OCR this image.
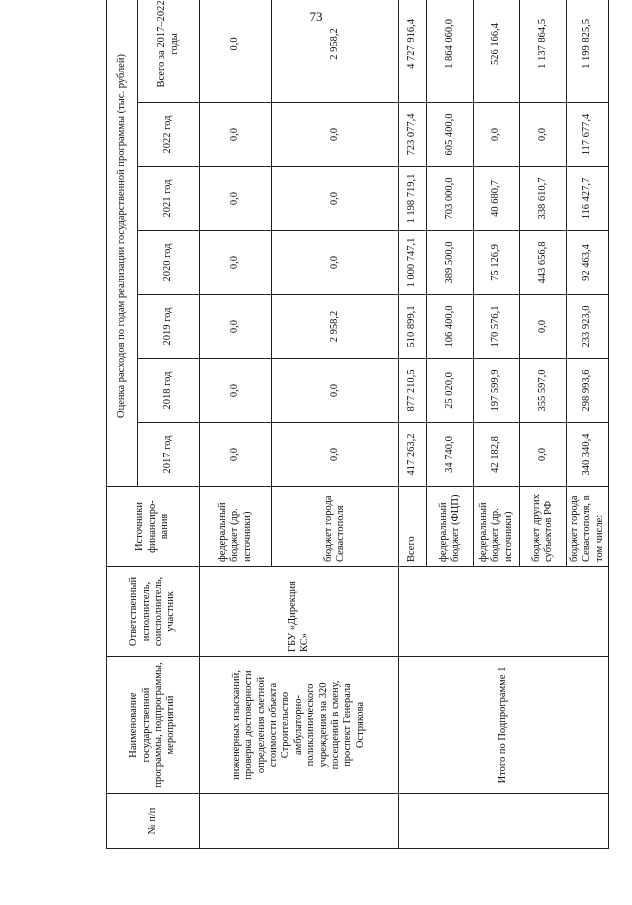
73
№ п/п	Наименование государственной программы, подпрограммы, мероприятий	Ответственный исполнитель, соисполнитель, участник	Источники финансиро-вания	Оценка расходов по годам реализации государственной программы (тыс. рублей)						
				2017 год	2018 год	2019 год	2020 год	2021 год	2022 год	Всего за 2017–2022 годы
	инженерных изысканий, проверка достоверности определения сметной стоимости объекта Строительство амбулаторно-поликлинического учреждения на 320 посещений в смену, проспект Генерала Острякова	ГБУ «Дирекция КС»	федеральный бюджет (др. источники)	0,0	0,0	0,0	0,0	0,0	0,0	0,0
			бюджет города Севастополя	0,0	0,0	2 958,2	0,0	0,0	0,0	2 958,2
	Итого по Подпрограмме 1		Всего	417 263,2	877 210,5	510 899,1	1 000 747,1	1 198 719,1	723 077,4	4 727 916,4
			федеральный бюджет (ФЦП)	34 740,0	25 020,0	106 400,0	389 500,0	703 000,0	605 400,0	1 864 060,0
			федеральный бюджет (др. источники)	42 182,8	197 599,9	170 576,1	75 126,9	40 680,7	0,0	526 166,4
			бюджет других субъектов РФ	0,0	355 597,0	0,0	443 656,8	338 610,7	0,0	1 137 864,5
			бюджет города Севастополя, в том числе:	340 340,4	298 993,6	233 923,0	92 463,4	116 427,7	117 677,4	1 199 825,5
